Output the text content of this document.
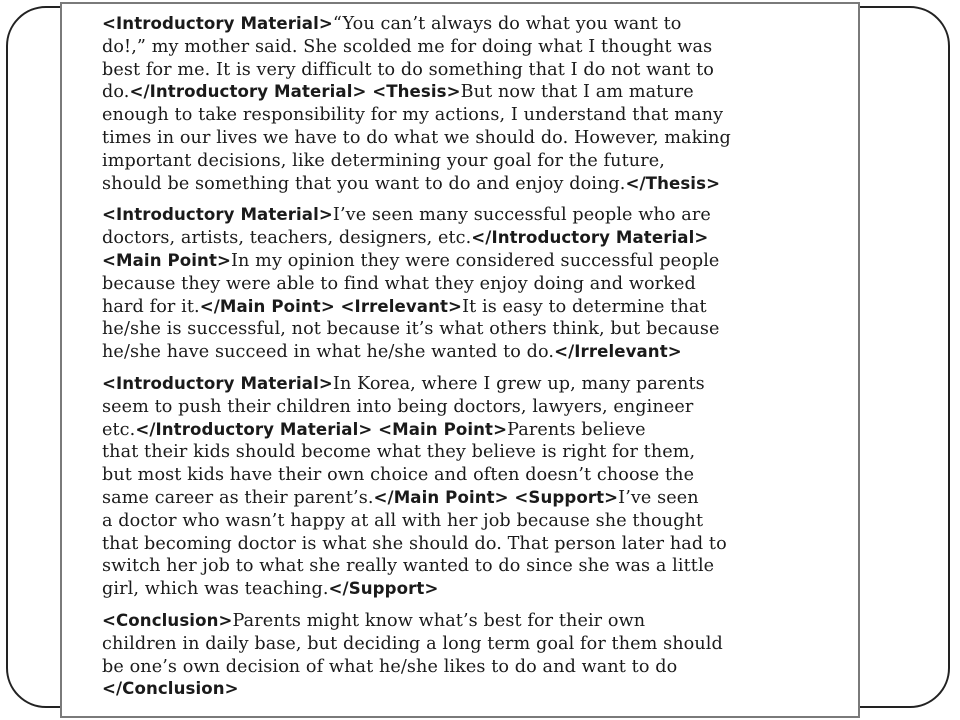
<Introductory Material>“You can’t always do what you want to
do!,” my mother said. She scolded me for doing what I thought was
best for me. It is very difficult to do something that I do not want to
do.</Introductory Material> <Thesis>But now that I am mature
enough to take responsibility for my actions, I understand that many
times in our lives we have to do what we should do. However, making
important decisions, like determining your goal for the future,
should be something that you want to do and enjoy doing.</Thesis>

<Introductory Material>I’ve seen many successful people who are
doctors, artists, teachers, designers, etc.</Introductory Material>
<Main Point>In my opinion they were considered successful people
because they were able to find what they enjoy doing and worked
hard for it.</Main Point> <Irrelevant>It is easy to determine that
he/she is successful, not because it’s what others think, but because
he/she have succeed in what he/she wanted to do.</Irrelevant>

<Introductory Material>In Korea, where I grew up, many parents
seem to push their children into being doctors, lawyers, engineer
etc.</Introductory Material> <Main Point>Parents believe
that their kids should become what they believe is right for them,
but most kids have their own choice and often doesn’t choose the
same career as their parent’s.</Main Point> <Support>I’ve seen
a doctor who wasn’t happy at all with her job because she thought
that becoming doctor is what she should do. That person later had to
switch her job to what she really wanted to do since she was a little
girl, which was teaching.</Support>

<Conclusion>Parents might know what’s best for their own
children in daily base, but deciding a long term goal for them should
be one’s own decision of what he/she likes to do and want to do
</Conclusion>
